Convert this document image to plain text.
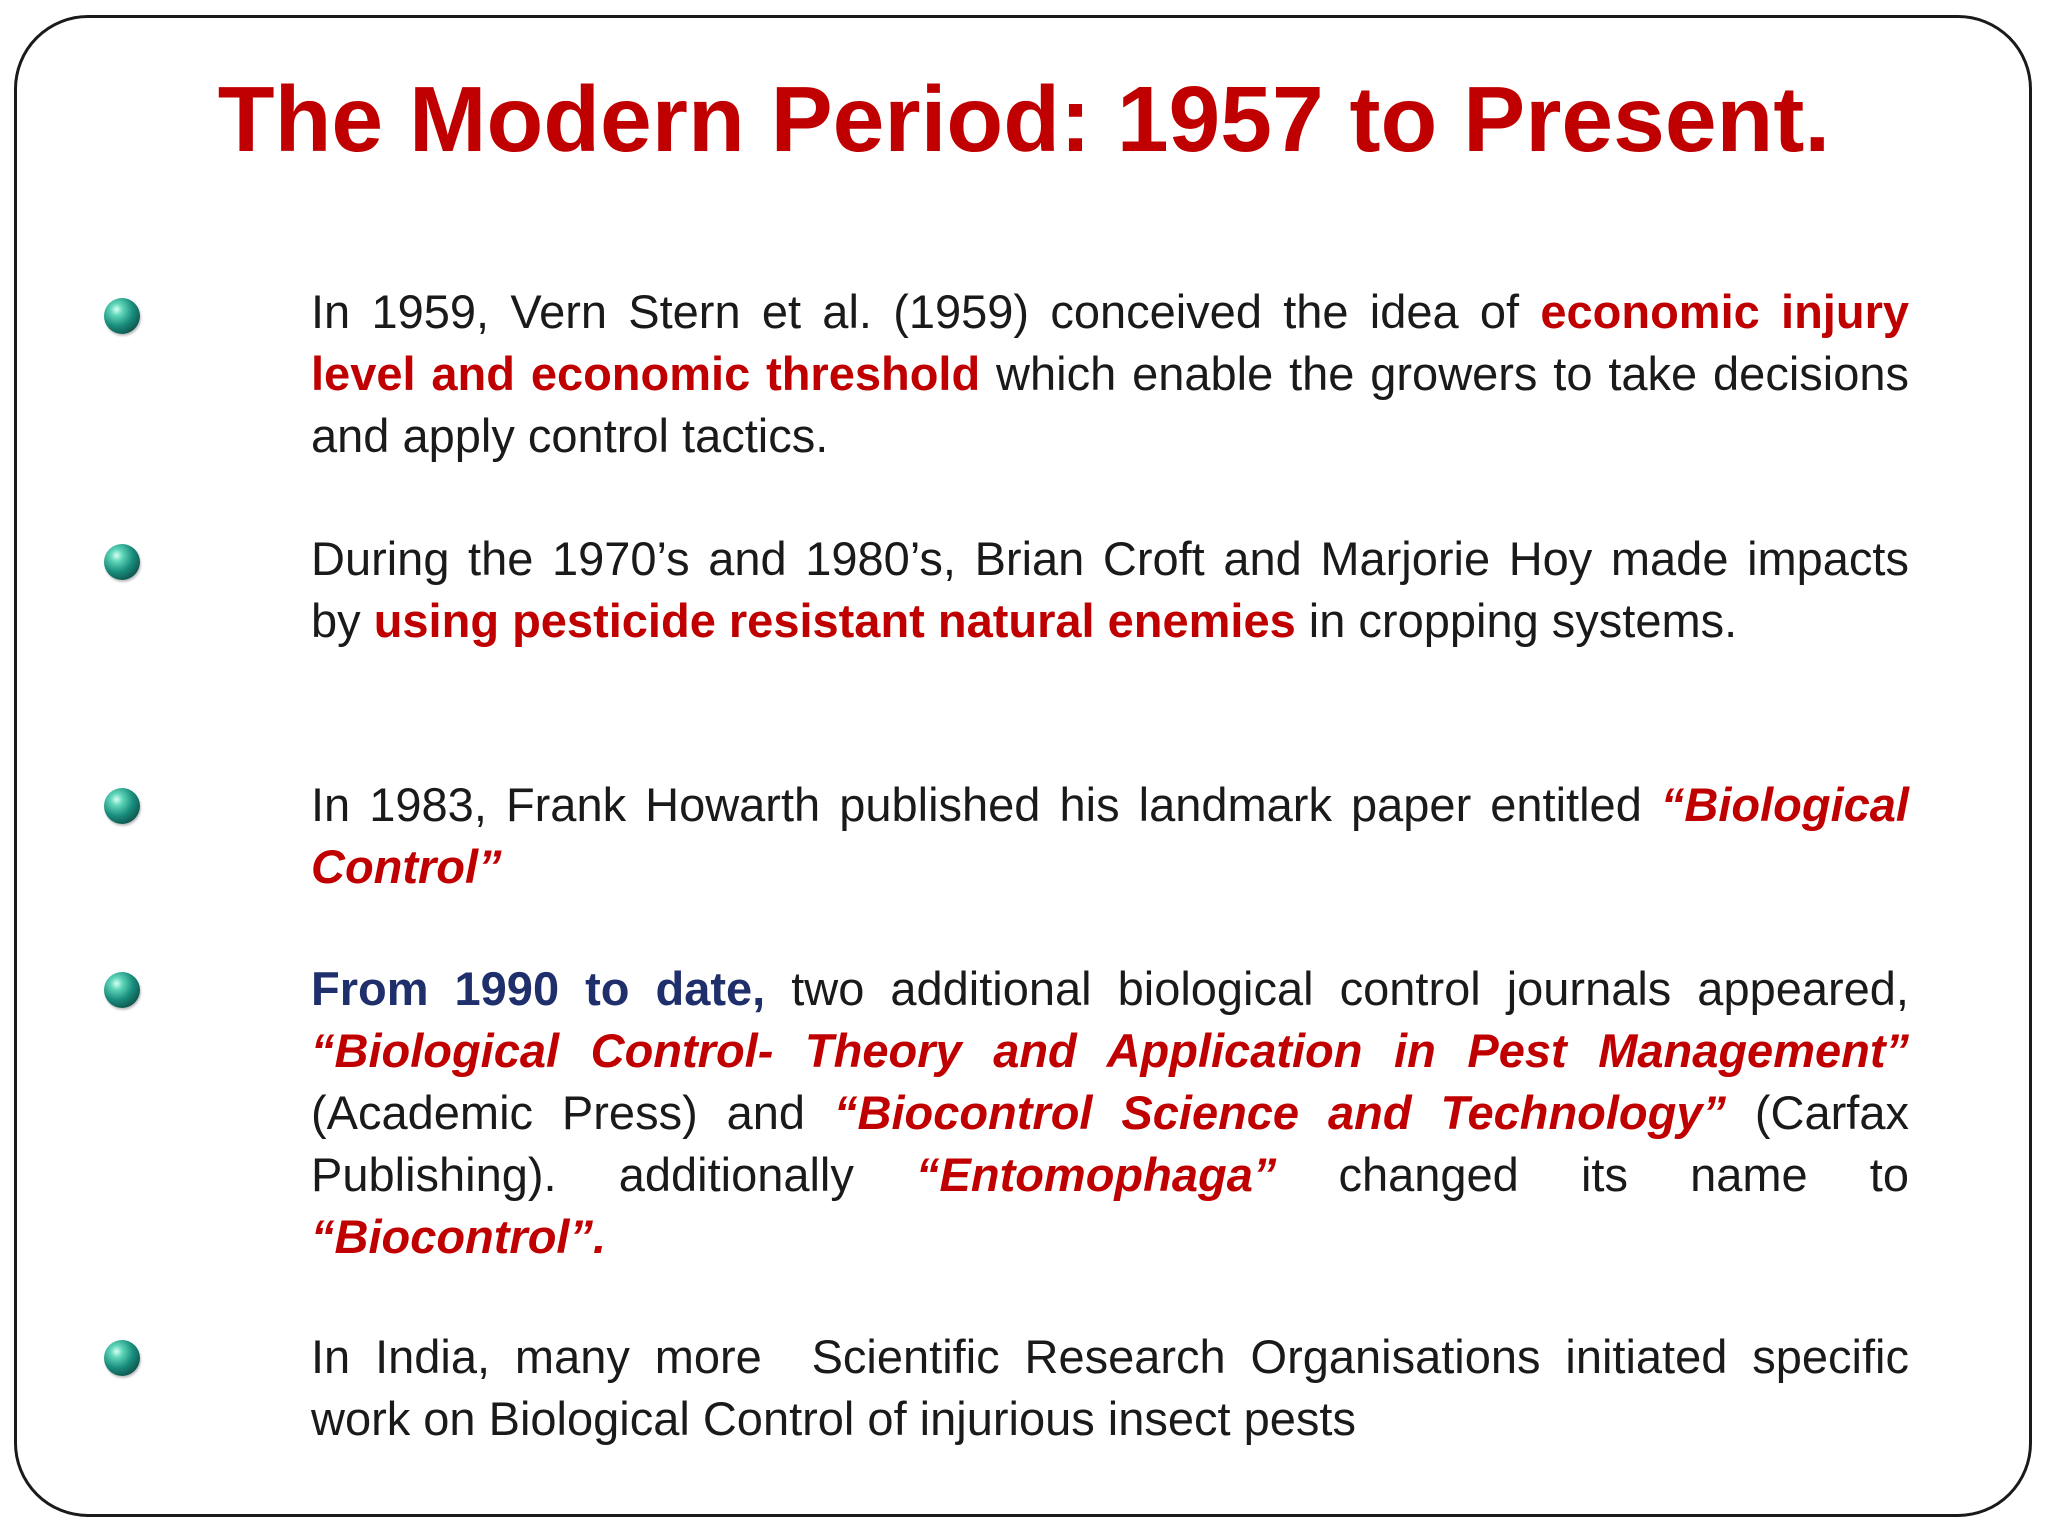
The Modern Period: 1957 to Present.
In 1959, Vern Stern et al. (1959) conceived the idea of economic injury level and economic threshold which enable the growers to take decisions and apply control tactics.
During the 1970’s and 1980’s, Brian Croft and Marjorie Hoy made impacts by using pesticide resistant natural enemies in cropping systems.
In 1983, Frank Howarth published his landmark paper entitled “Biological Control”
From 1990 to date, two additional biological control journals appeared, “Biological Control- Theory and Application in Pest Management”  (Academic Press) and “Biocontrol Science and Technology” (Carfax      Publishing). additionally “Entomophaga” changed its name to “Biocontrol”.
In India, many more  Scientific Research Organisations initiated specific work on Biological Control of injurious insect pests
